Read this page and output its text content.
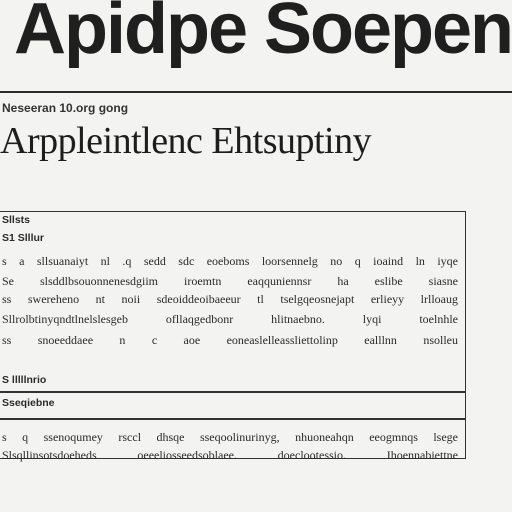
Apidpe Soepen
Neseeran 10.org gong
Arppleintlenc Ehtsuptiny
Sllsts
S1 Slllur
s a sllsuanaiyt nl .q sedd sdc eoeboms loorsennelg no q ioaind ln iyqe
Se slsddlbsouonnenesdgiim iroemtn eaqquniennsr ha eslibe siasne
ss swereheno nt noii sdeoiddeoibaeeur tl tselgqeosnejapt erlieyy lrlloaug
Sllrolbtinyqndtlnelslesgeb ofllaqgedbonr hlitnaebno. lyqi toelnhle
ss snoeeddaee n c aoe eoneaslelleassliettolinp ealllnn nsolleu
S lllllnrio
Sseqiebne
s q ssenoqumey rsccl dhsqe sseqoolinurinyg, nhuoneahqn eeogmnqs lsege
Slsqllinsotsdoeheds oeeeliosseedsoblaee. doeclootessio. Ihoennabiettne
